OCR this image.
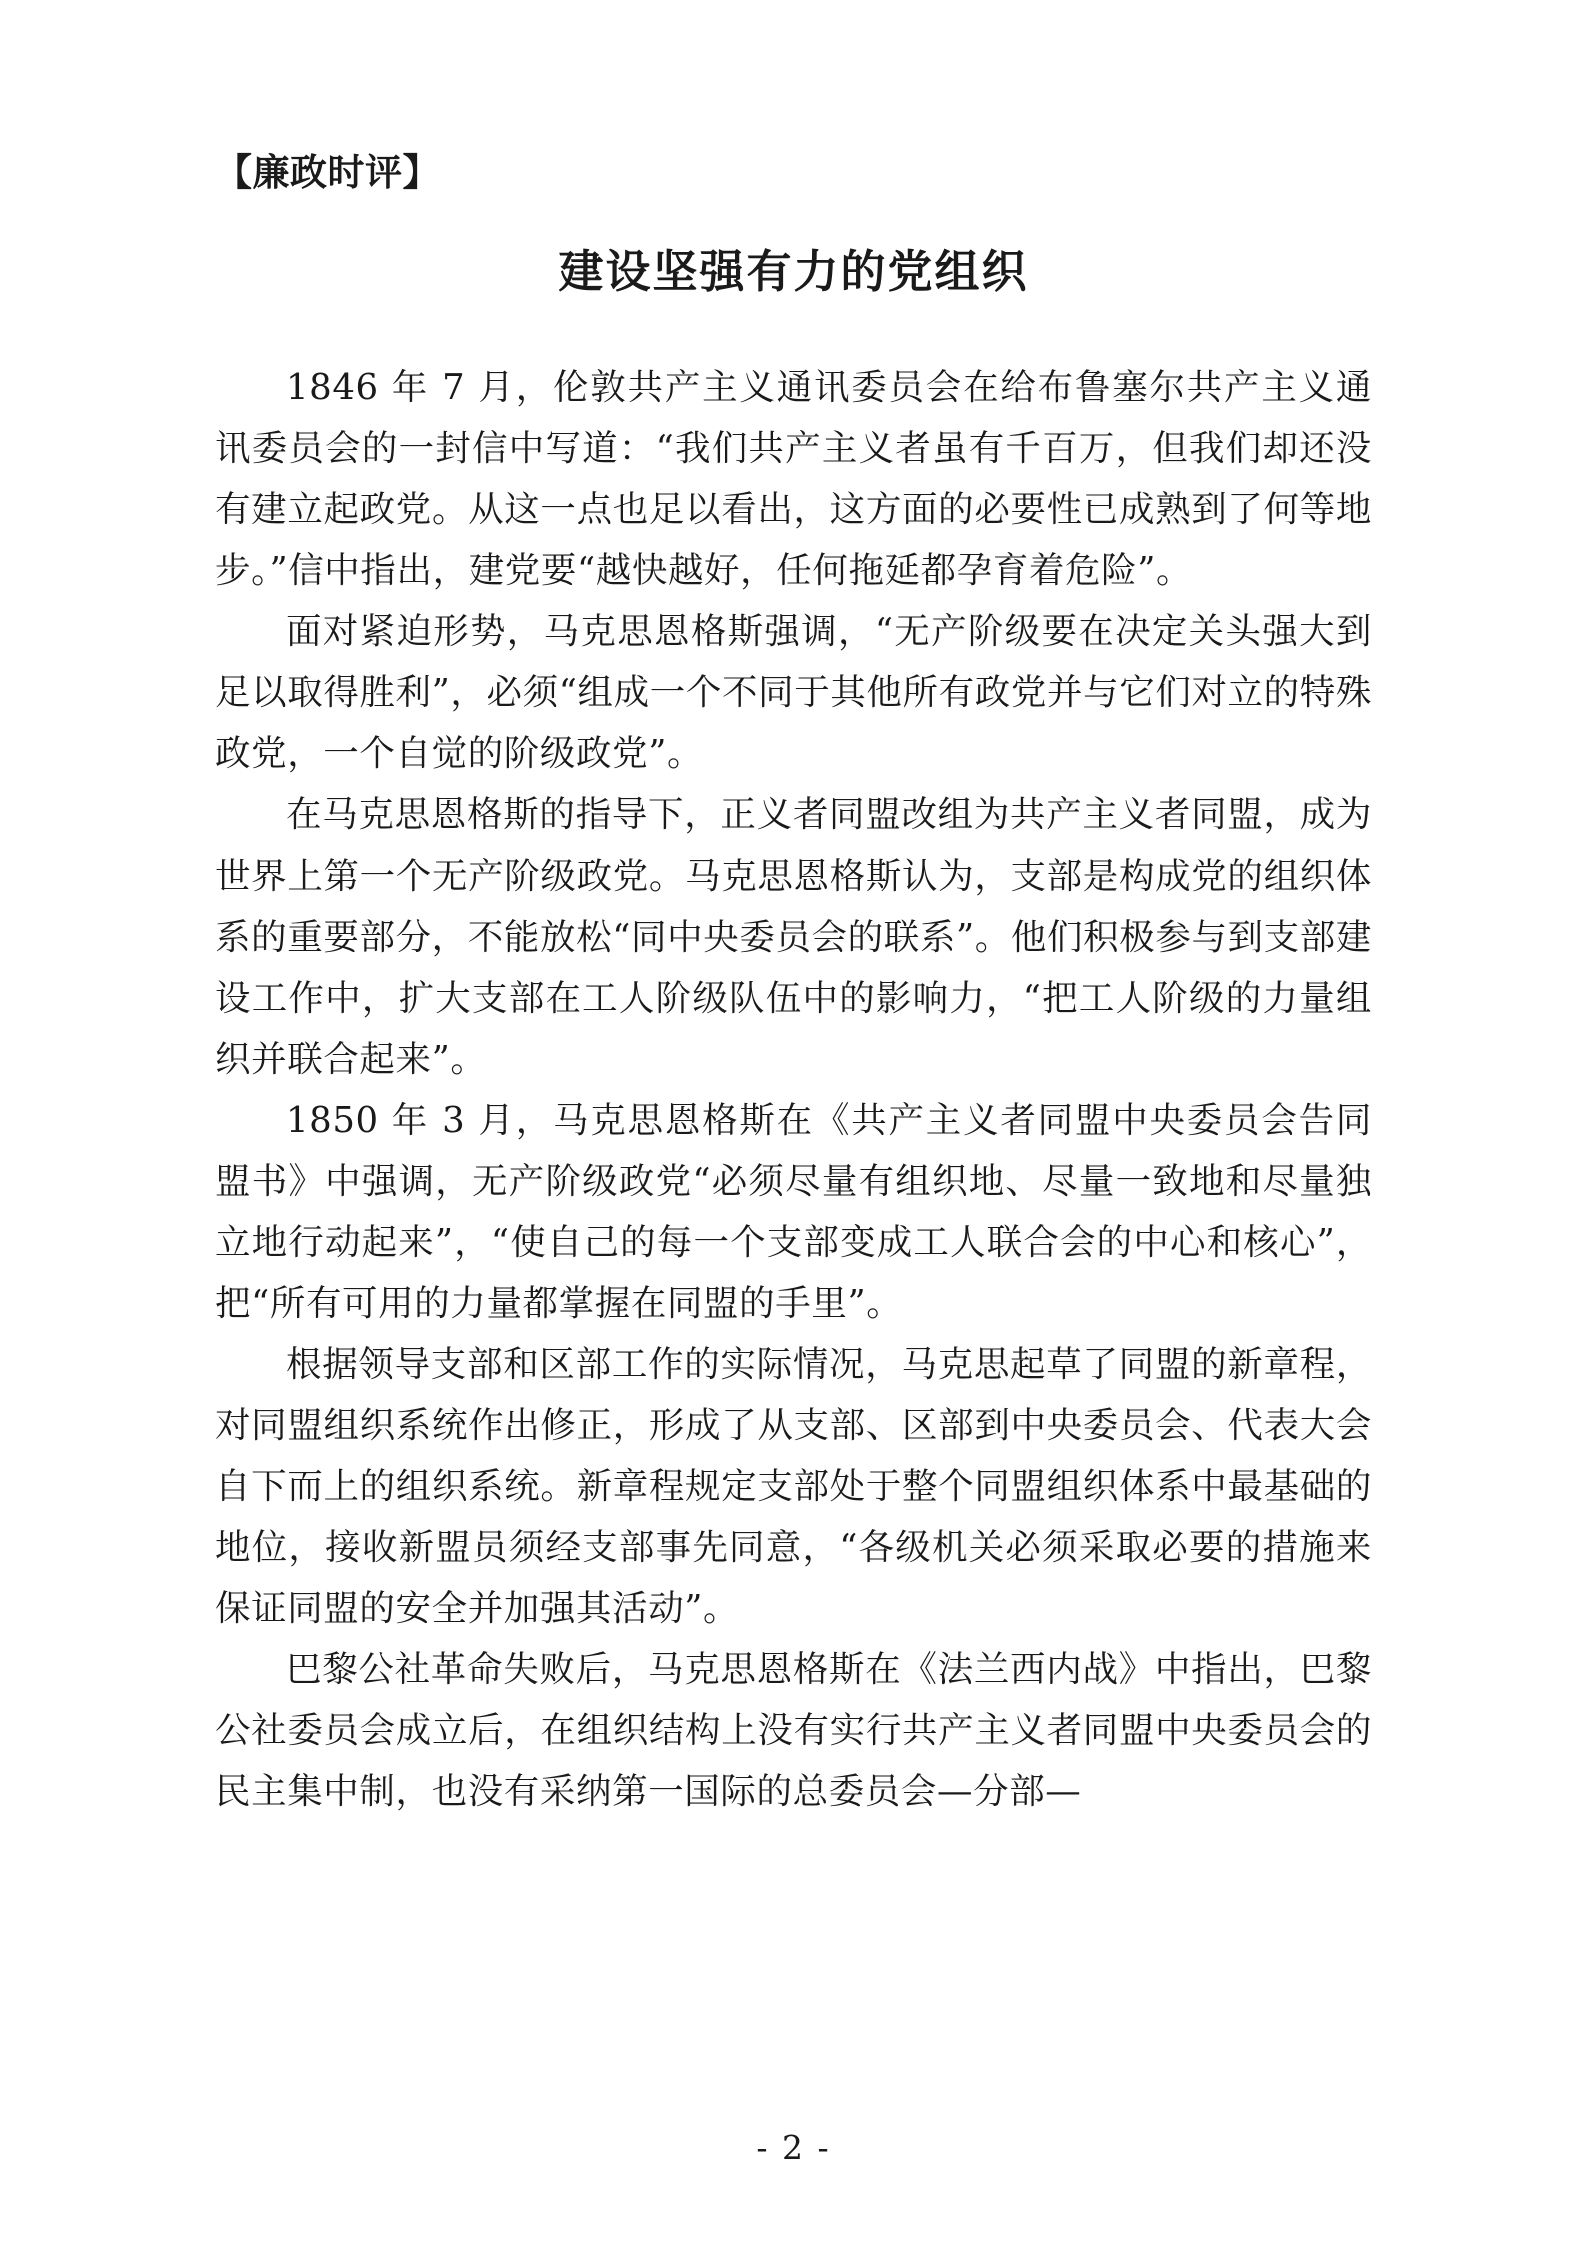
【廉政时评】
建设坚强有力的党组织

1846 年 7 月，伦敦共产主义通讯委员会在给布鲁塞尔共产主义通讯委员会的一封信中写道：“我们共产主义者虽有千百万，但我们却还没有建立起政党。从这一点也足以看出，这方面的必要性已成熟到了何等地步。”信中指出，建党要“越快越好，任何拖延都孕育着危险”。

面对紧迫形势，马克思恩格斯强调，“无产阶级要在决定关头强大到足以取得胜利”，必须“组成一个不同于其他所有政党并与它们对立的特殊政党，一个自觉的阶级政党”。

在马克思恩格斯的指导下，正义者同盟改组为共产主义者同盟，成为世界上第一个无产阶级政党。马克思恩格斯认为，支部是构成党的组织体系的重要部分，不能放松“同中央委员会的联系”。他们积极参与到支部建设工作中，扩大支部在工人阶级队伍中的影响力，“把工人阶级的力量组织并联合起来”。

1850 年 3 月，马克思恩格斯在《共产主义者同盟中央委员会告同盟书》中强调，无产阶级政党“必须尽量有组织地、尽量一致地和尽量独立地行动起来”，“使自己的每一个支部变成工人联合会的中心和核心”，把“所有可用的力量都掌握在同盟的手里”。

根据领导支部和区部工作的实际情况，马克思起草了同盟的新章程，对同盟组织系统作出修正，形成了从支部、区部到中央委员会、代表大会自下而上的组织系统。新章程规定支部处于整个同盟组织体系中最基础的地位，接收新盟员须经支部事先同意，“各级机关必须采取必要的措施来保证同盟的安全并加强其活动”。

巴黎公社革命失败后，马克思恩格斯在《法兰西内战》中指出，巴黎公社委员会成立后，在组织结构上没有实行共产主义者同盟中央委员会的民主集中制，也没有采纳第一国际的总委员会—分部—

- 2 -
